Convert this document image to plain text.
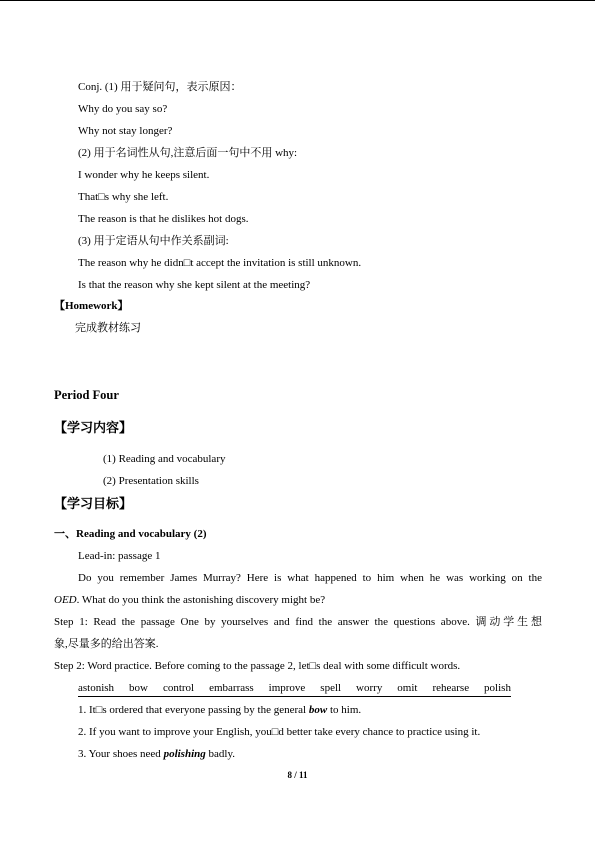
Conj. (1) 用于疑问句，表示原因：
Why do you say so?
Why not stay longer?
(2) 用于名词性从句,注意后面一句中不用 why:
I wonder why he keeps silent.
That□s why she left.
The reason is that he dislikes hot dogs.
(3) 用于定语从句中作关系副词:
The reason why he didn□t accept the invitation is still unknown.
Is that the reason why she kept silent at the meeting?
【Homework】
完成教材练习
Period Four
【学习内容】
(1) Reading and vocabulary
(2) Presentation skills
【学习目标】
一、Reading and vocabulary (2)
Lead-in: passage 1
Do you remember James Murray? Here is what happened to him when he was working on the
OED. What do you think the astonishing discovery might be?
Step 1: Read the passage One by yourselves and find the answer the questions above. 调动学生想
象,尽量多的给出答案.
Step 2: Word practice. Before coming to the passage 2, let□s deal with some difficult words.
astonish bow control embarrass improve spell worry omit rehearse polish
1. It□s ordered that everyone passing by the general bow to him.
2. If you want to improve your English, you□d better take every chance to practice using it.
3. Your shoes need polishing badly.
8 / 11
